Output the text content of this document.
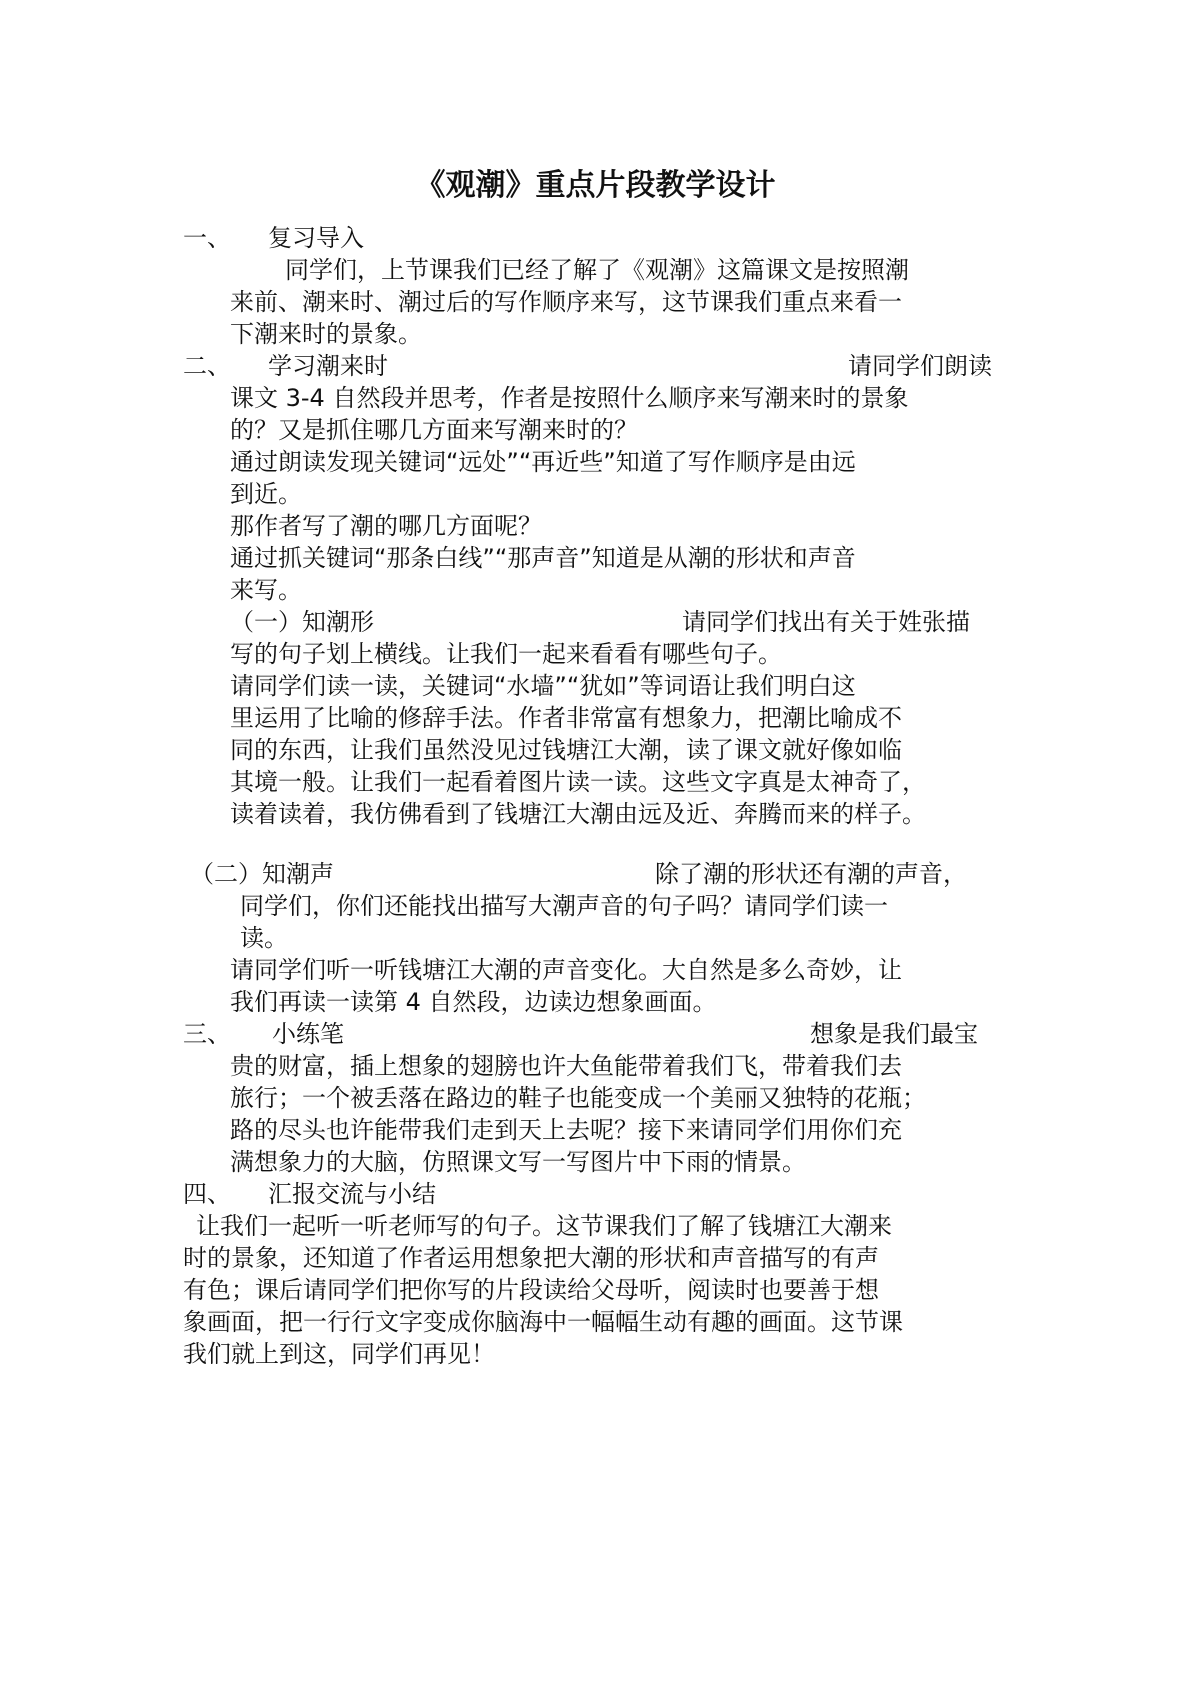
《观潮》重点片段教学设计
一、 复习导入
同学们，上节课我们已经了解了《观潮》这篇课文是按照潮
来前、潮来时、潮过后的写作顺序来写，这节课我们重点来看一
下潮来时的景象。
二、 学习潮来时	请同学们朗读
课文 3-4 自然段并思考，作者是按照什么顺序来写潮来时的景象
的？又是抓住哪几方面来写潮来时的？
通过朗读发现关键词“远处”“再近些”知道了写作顺序是由远
到近。
那作者写了潮的哪几方面呢？
通过抓关键词“那条白线”“那声音”知道是从潮的形状和声音
来写。
（一）知潮形	请同学们找出有关于姓张描
写的句子划上横线。让我们一起来看看有哪些句子。
请同学们读一读，关键词“水墙”“犹如”等词语让我们明白这
里运用了比喻的修辞手法。作者非常富有想象力，把潮比喻成不
同的东西，让我们虽然没见过钱塘江大潮，读了课文就好像如临
其境一般。让我们一起看着图片读一读。这些文字真是太神奇了，
读着读着，我仿佛看到了钱塘江大潮由远及近、奔腾而来的样子。
（二）知潮声	除了潮的形状还有潮的声音，
同学们，你们还能找出描写大潮声音的句子吗？请同学们读一
读。
请同学们听一听钱塘江大潮的声音变化。大自然是多么奇妙，让
我们再读一读第 4 自然段，边读边想象画面。
三、 小练笔	想象是我们最宝
贵的财富，插上想象的翅膀也许大鱼能带着我们飞，带着我们去
旅行；一个被丢落在路边的鞋子也能变成一个美丽又独特的花瓶；
路的尽头也许能带我们走到天上去呢？接下来请同学们用你们充
满想象力的大脑，仿照课文写一写图片中下雨的情景。
四、 汇报交流与小结
让我们一起听一听老师写的句子。这节课我们了解了钱塘江大潮来
时的景象，还知道了作者运用想象把大潮的形状和声音描写的有声
有色；课后请同学们把你写的片段读给父母听，阅读时也要善于想
象画面，把一行行文字变成你脑海中一幅幅生动有趣的画面。这节课
我们就上到这，同学们再见！
